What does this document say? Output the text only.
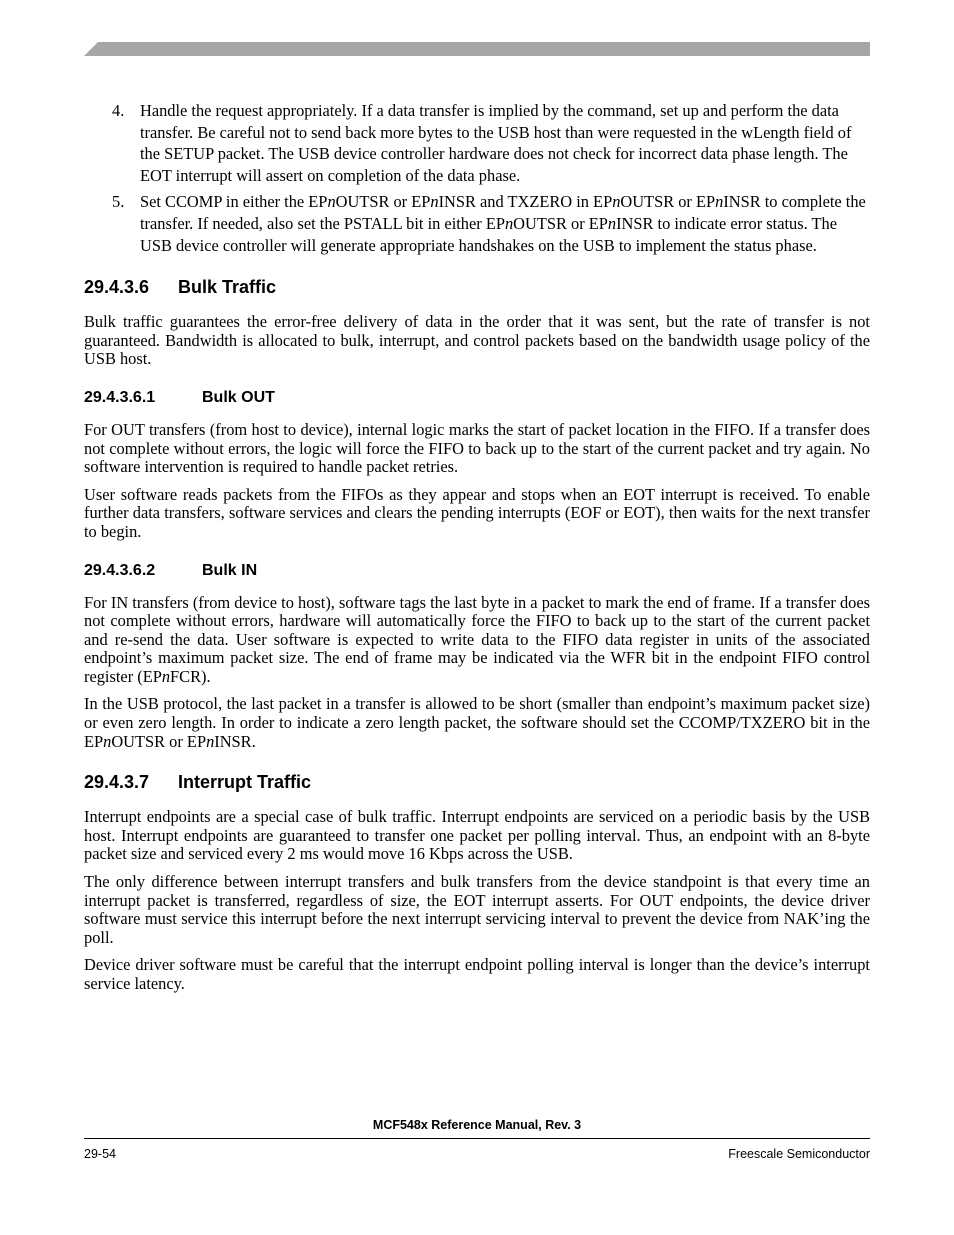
4. Handle the request appropriately. If a data transfer is implied by the command, set up and perform the data transfer. Be careful not to send back more bytes to the USB host than were requested in the wLength field of the SETUP packet. The USB device controller hardware does not check for incorrect data phase length. The EOT interrupt will assert on completion of the data phase.
5. Set CCOMP in either the EPnOUTSR or EPnINSR and TXZERO in EPnOUTSR or EPnINSR to complete the transfer. If needed, also set the PSTALL bit in either EPnOUTSR or EPnINSR to indicate error status. The USB device controller will generate appropriate handshakes on the USB to implement the status phase.
29.4.3.6 Bulk Traffic

Bulk traffic guarantees the error-free delivery of data in the order that it was sent, but the rate of transfer is not guaranteed. Bandwidth is allocated to bulk, interrupt, and control packets based on the bandwidth usage policy of the USB host.

29.4.3.6.1	Bulk OUT

For OUT transfers (from host to device), internal logic marks the start of packet location in the FIFO. If a transfer does not complete without errors, the logic will force the FIFO to back up to the start of the current packet and try again. No software intervention is required to handle packet retries.

User software reads packets from the FIFOs as they appear and stops when an EOT interrupt is received. To enable further data transfers, software services and clears the pending interrupts (EOF or EOT), then waits for the next transfer to begin.

29.4.3.6.2	Bulk IN

For IN transfers (from device to host), software tags the last byte in a packet to mark the end of frame. If a transfer does not complete without errors, hardware will automatically force the FIFO to back up to the start of the current packet and re-send the data. User software is expected to write data to the FIFO data register in units of the associated endpoint’s maximum packet size. The end of frame may be indicated via the WFR bit in the endpoint FIFO control register (EPnFCR).

In the USB protocol, the last packet in a transfer is allowed to be short (smaller than endpoint’s maximum packet size) or even zero length. In order to indicate a zero length packet, the software should set the CCOMP/TXZERO bit in the EPnOUTSR or EPnINSR.

29.4.3.7 Interrupt Traffic

Interrupt endpoints are a special case of bulk traffic. Interrupt endpoints are serviced on a periodic basis by the USB host. Interrupt endpoints are guaranteed to transfer one packet per polling interval. Thus, an endpoint with an 8-byte packet size and serviced every 2 ms would move 16 Kbps across the USB.

The only difference between interrupt transfers and bulk transfers from the device standpoint is that every time an interrupt packet is transferred, regardless of size, the EOT interrupt asserts. For OUT endpoints, the device driver software must service this interrupt before the next interrupt servicing interval to prevent the device from NAK’ing the poll.

Device driver software must be careful that the interrupt endpoint polling interval is longer than the device’s interrupt service latency.

MCF548x Reference Manual, Rev. 3
29-54	Freescale Semiconductor
